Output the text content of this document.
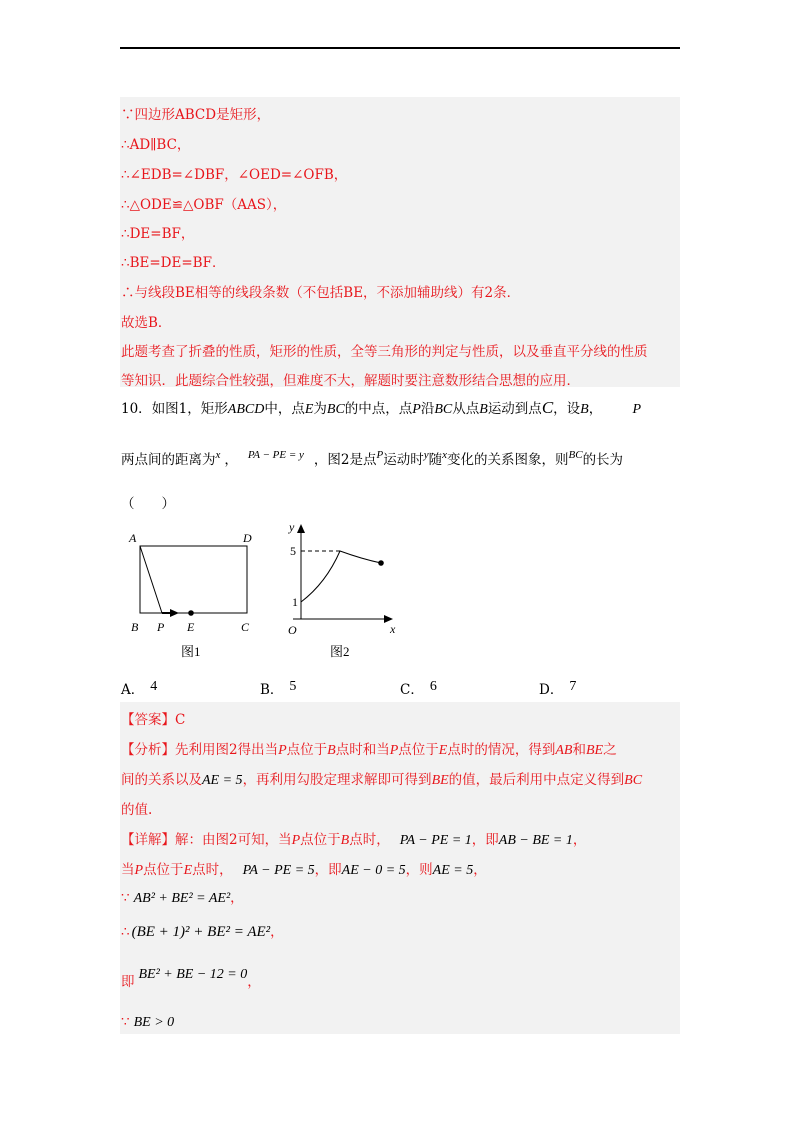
∵四边形ABCD是矩形，
∴AD∥BC，
∴∠EDB=∠DBF，∠OED=∠OFB，
∴△ODE≌△OBF（AAS），
∴DE=BF，
∴BE=DE=BF．
∴与线段BE相等的线段条数（不包括BE，不添加辅助线）有2条．
故选B．
此题考查了折叠的性质，矩形的性质，全等三角形的判定与性质，以及垂直平分线的性质
等知识．此题综合性较强，但难度不大，解题时要注意数形结合思想的应用．
10．如图1，矩形ABCD中，点E为BC的中点，点P沿BC从点B运动到点C，设B， P
两点间的距离为$^x$ ， $^{PA - PE = y}$ ，图2是点$^P$运动时$^y$随$^x$变化的关系图象，则$^{BC}$的长为
（　　）
A	D
B P E	C
图1
y
5
1
O	x
图2
A． 4	B． 5	C． 6	D． 7
【答案】C
【分析】先利用图2得出当P点位于B点时和当P点位于E点时的情况，得到AB和BE之
间的关系以及AE = 5，再利用勾股定理求解即可得到BE的值，最后利用中点定义得到BC
的值.
【详解】解：由图2可知，当P点位于B点时， PA − PE = 1，即AB − BE = 1，
当P点位于E点时， PA − PE = 5，即AE − 0 = 5，则AE = 5，
∵ AB² + BE² = AE²，
∴ (BE + 1)² + BE² = AE²，
即 BE² + BE − 12 = 0，
∵ BE > 0
